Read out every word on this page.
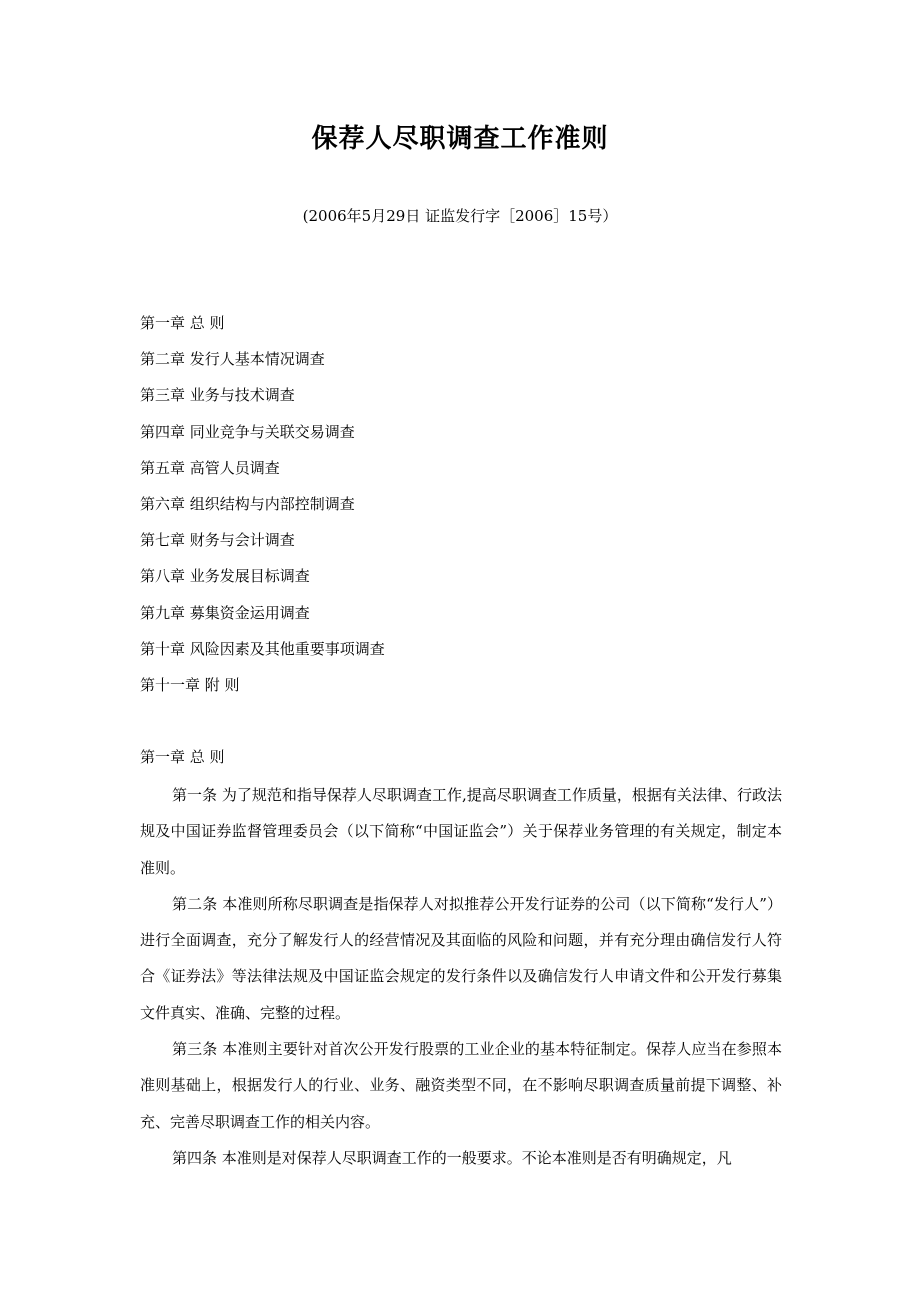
保荐人尽职调查工作准则
(2006年5月29日 证监发行字［2006］15号）
第一章 总 则
第二章 发行人基本情况调查
第三章 业务与技术调查
第四章 同业竞争与关联交易调查
第五章 高管人员调查
第六章 组织结构与内部控制调查
第七章 财务与会计调查
第八章 业务发展目标调查
第九章 募集资金运用调查
第十章 风险因素及其他重要事项调查
第十一章 附 则
第一章 总 则

第一条 为了规范和指导保荐人尽职调查工作,提高尽职调查工作质量，根据有关法律、行政法规及中国证券监督管理委员会（以下简称“中国证监会”）关于保荐业务管理的有关规定，制定本准则。

第二条 本准则所称尽职调查是指保荐人对拟推荐公开发行证券的公司（以下简称“发行人”）进行全面调查，充分了解发行人的经营情况及其面临的风险和问题，并有充分理由确信发行人符合《证券法》等法律法规及中国证监会规定的发行条件以及确信发行人申请文件和公开发行募集文件真实、准确、完整的过程。

第三条 本准则主要针对首次公开发行股票的工业企业的基本特征制定。保荐人应当在参照本准则基础上，根据发行人的行业、业务、融资类型不同，在不影响尽职调查质量前提下调整、补充、完善尽职调查工作的相关内容。

第四条 本准则是对保荐人尽职调查工作的一般要求。不论本准则是否有明确规定，凡
